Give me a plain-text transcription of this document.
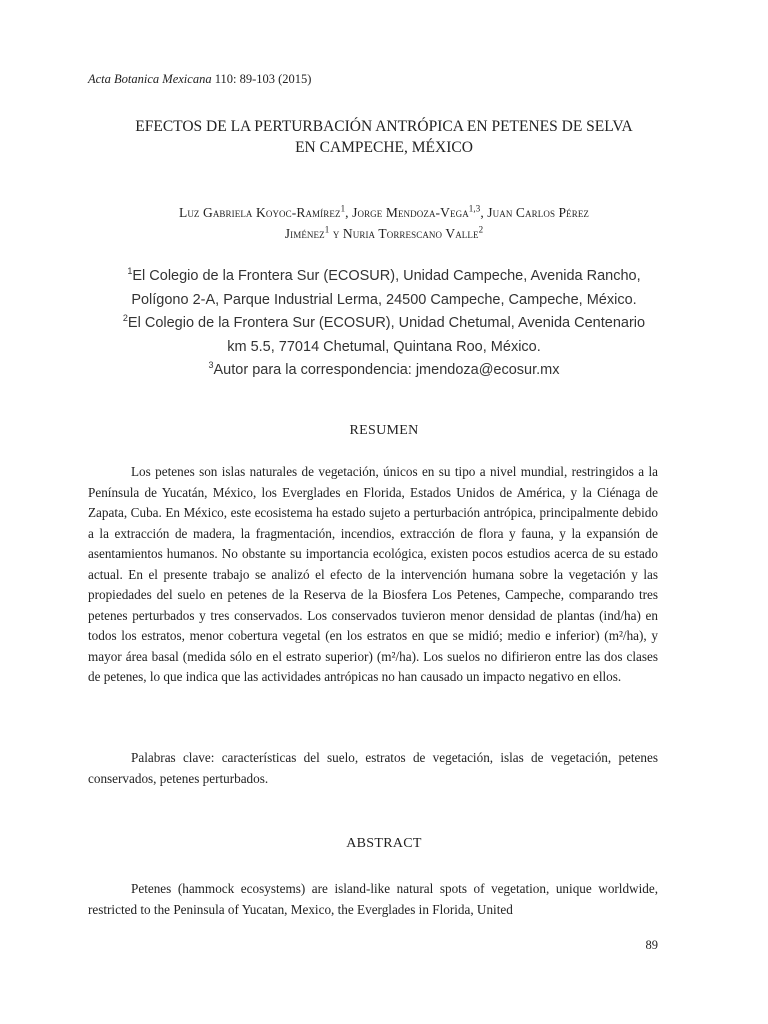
Acta Botanica Mexicana 110: 89-103 (2015)
EFECTOS DE LA PERTURBACIÓN ANTRÓPICA EN PETENES DE SELVA
EN CAMPECHE, MÉXICO
Luz Gabriela Koyoc-Ramírez$^1$, Jorge Mendoza-Vega$^{1,3}$, Juan Carlos Pérez
Jiménez$^1$ y Nuria Torrescano Valle$^2$
$^1$El Colegio de la Frontera Sur (ECOSUR), Unidad Campeche, Avenida Rancho,
Polígono 2-A, Parque Industrial Lerma, 24500 Campeche, Campeche, México.
$^2$El Colegio de la Frontera Sur (ECOSUR), Unidad Chetumal, Avenida Centenario
km 5.5, 77014 Chetumal, Quintana Roo, México.
$^3$Autor para la correspondencia: jmendoza@ecosur.mx
RESUMEN

Los petenes son islas naturales de vegetación, únicos en su tipo a nivel mundial, restringidos a la Península de Yucatán, México, los Everglades en Florida, Estados Unidos de América, y la Ciénaga de Zapata, Cuba. En México, este ecosistema ha estado sujeto a perturbación antrópica, principalmente debido a la extracción de madera, la fragmentación, incendios, extracción de flora y fauna, y la expansión de asentamientos humanos. No obstante su importancia ecológica, existen pocos estudios acerca de su estado actual. En el presente trabajo se analizó el efecto de la intervención humana sobre la vegetación y las propiedades del suelo en petenes de la Reserva de la Biosfera Los Petenes, Campeche, comparando tres petenes perturbados y tres conservados. Los conservados tuvieron menor densidad de plantas (ind/ha) en todos los estratos, menor cobertura vegetal (en los estratos en que se midió; medio e inferior) (m²/ha), y mayor área basal (medida sólo en el estrato superior) (m²/ha). Los suelos no difirieron entre las dos clases de petenes, lo que indica que las actividades antrópicas no han causado un impacto negativo en ellos.

Palabras clave: características del suelo, estratos de vegetación, islas de vegetación, petenes conservados, petenes perturbados.

ABSTRACT

Petenes (hammock ecosystems) are island-like natural spots of vegetation, unique worldwide, restricted to the Peninsula of Yucatan, Mexico, the Everglades in Florida, United

89
